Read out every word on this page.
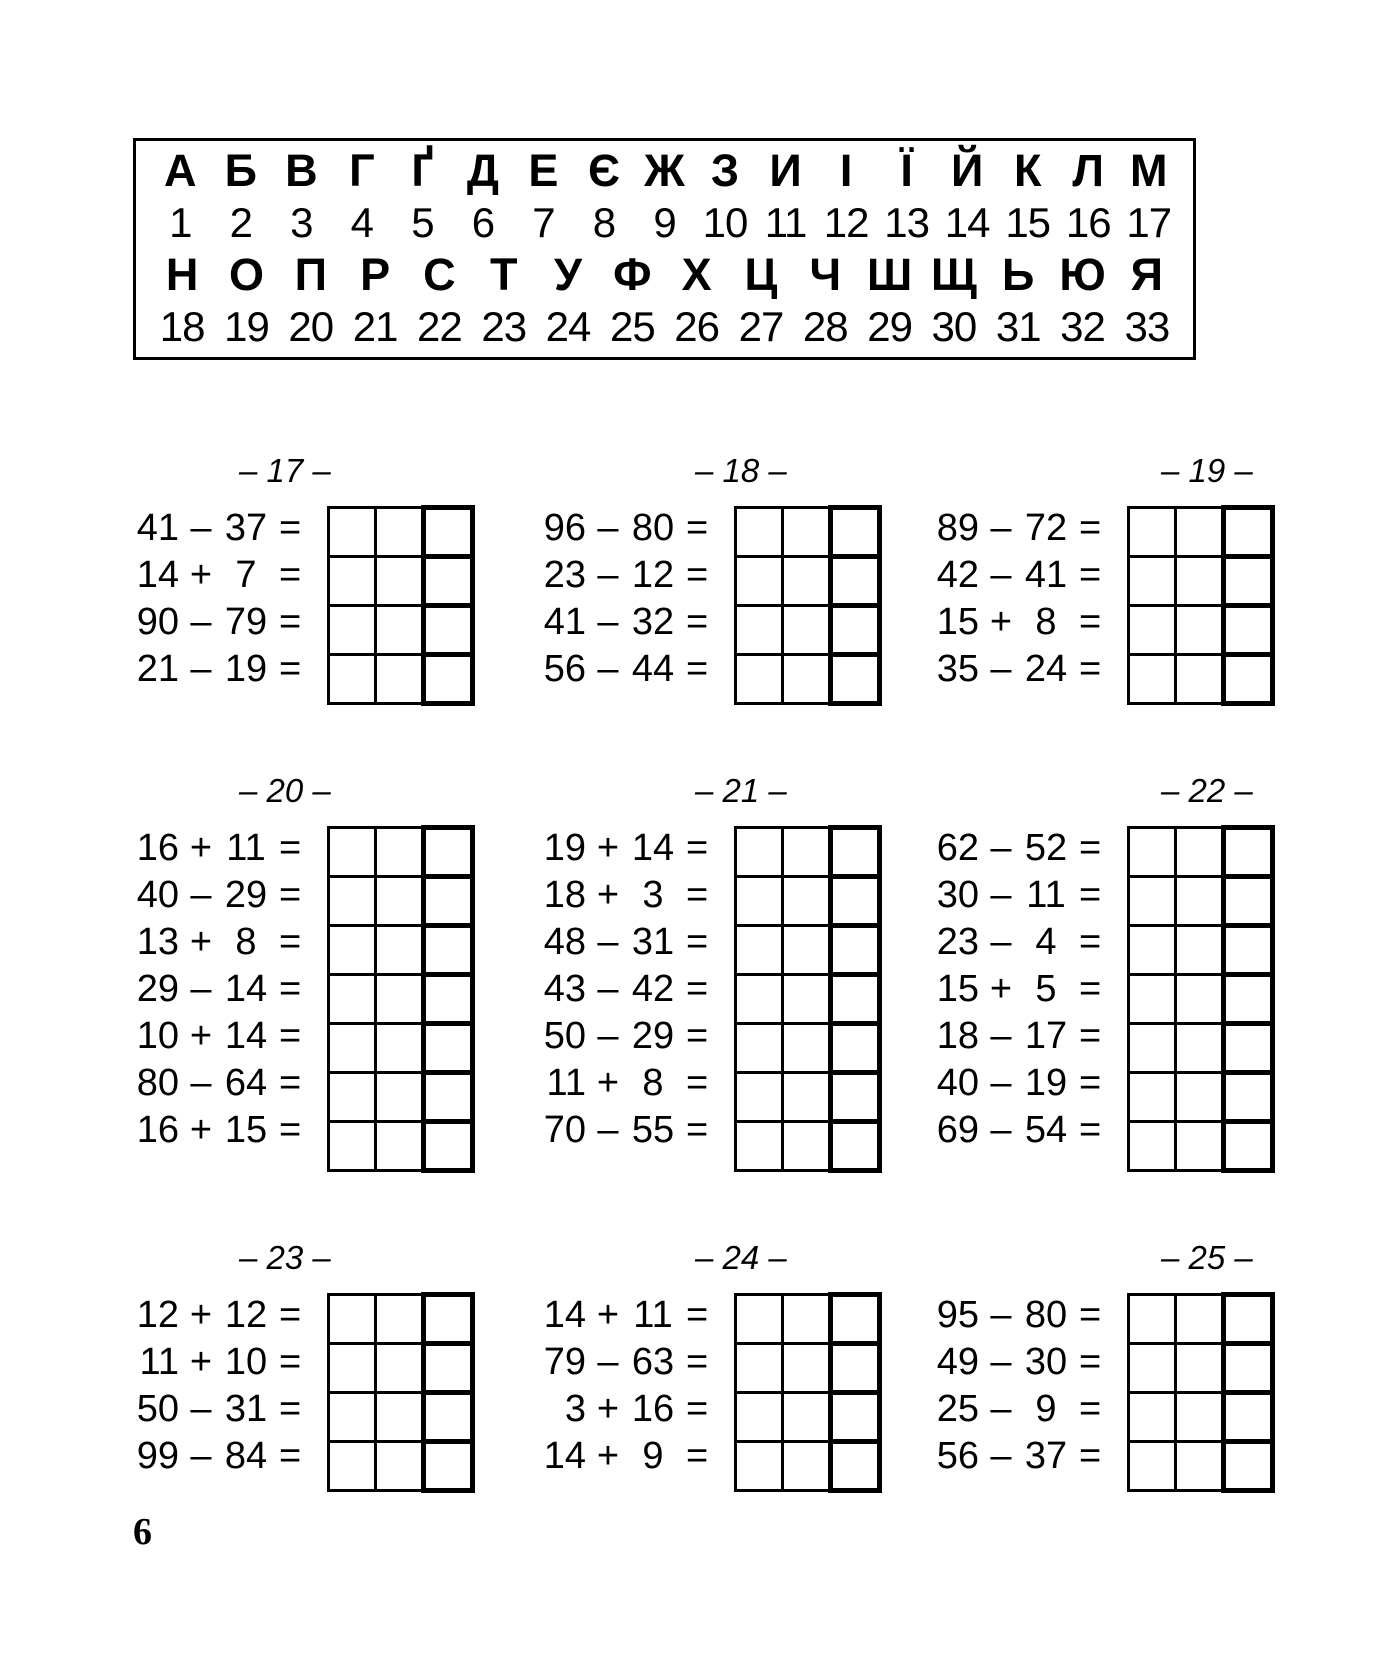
А Б В Г Ґ Д Е Є Ж З И І	Ї Й К Л М
1 2 3 4 5 6 7 8 9 10 11 12 13 14 15 16 17
Н О П Р С Т У Ф Х Ц Ч Ш Щ Ь Ю Я
18 19 20 21 22 23 24 25 26 27 28 29 30 31 32 33
– 17 –
41 – 37 =
14 + 7 =
90 – 79 =
21 – 19 =

– 18 –
96 – 80 =
23 – 12 =
41 – 32 =
56 – 44 =

– 19 –
89 – 72 =
42 – 41 =
15 + 8 =
35 – 24 =

– 20 –
16 + 11 =
40 – 29 =
13 + 8 =
29 – 14 =
10 + 14 =
80 – 64 =
16 + 15 =

– 21 –
19 + 14 =
18 + 3 =
48 – 31 =
43 – 42 =
50 – 29 =
11 + 8 =
70 – 55 =

– 22 –
62 – 52 =
30 – 11 =
23 – 4 =
15 + 5 =
18 – 17 =
40 – 19 =
69 – 54 =

– 23 –
12 + 12 =
11 + 10 =
50 – 31 =
99 – 84 =

– 24 –
14 + 11 =
79 – 63 =
3 + 16 =
14 + 9 =

– 25 –
95 – 80 =
49 – 30 =
25 – 9 =
56 – 37 =

6
